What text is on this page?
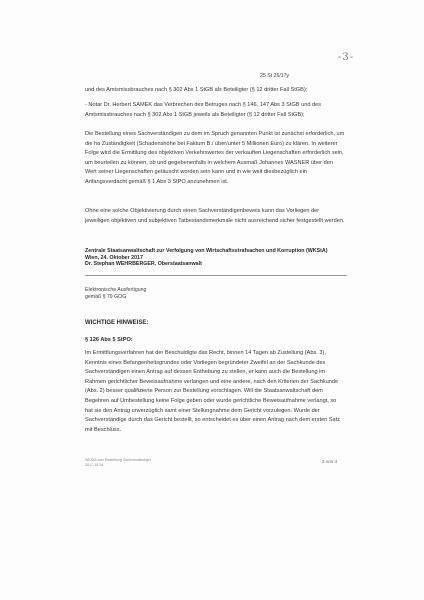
-3-
25 St 26/17y

und des Amtsmissbrauches nach § 302 Abs 1 StGB als Beteiligter (§ 12 dritter Fall StGB);

- Notar Dr. Herbert SAMEK das Verbrechen des Betruges nach § 146, 147 Abs 3 StGB und des Amtsmissbrauches nach § 302 Abs 1 StGB jeweils als Beteiligter (§ 12 dritter Fall StGB);

Die Bestellung eines Sachverständigen zu dem im Spruch genannten Punkt ist zunächst erforderlich, um die ha Zuständigkeit (Schadenshöhe bei Faktum B./ über/unter 5 Millionen Euro) zu klären. In weiterer Folge wird die Ermittlung des objektiven Verkehrswertes der verkauften Liegenschaften erforderlich sein, um beurteilen zu können, ob und gegebenenfalls in welchem Ausmaß Johannes WASNER über den Wert seiner Liegenschaften getäuscht worden sein kann und in wie weit diesbezüglich ein Anfangsverdacht gemäß § 1 Abs 3 StPO anzunehmen ist.

Ohne eine solche Objektivierung durch einen Sachverständigenbeweis kann das Vorliegen der jeweiligen objektiven und subjektiven Tatbestandsmerkmale nicht ausreichend sicher festgestellt werden.

Zentrale Staatsanwaltschaft zur Verfolgung von Wirtschaftsstrafsachen und Korruption (WKStA)
Wien, 24. Oktober 2017
Dr. Stephan WEHRBERGER, Oberstaatsanwalt
Elektronische Ausfertigung
gemäß § 79 GOG
WICHTIGE HINWEISE:
§ 126 Abs 5 StPO:

Im Ermittlungsverfahren hat der Beschuldigte das Recht, binnen 14 Tagen ab Zustellung (Abs. 3), Kenntnis eines Befangenheitsgrundes oder Vorliegen begründeter Zweifel an der Sachkunde des Sachverständigen einen Antrag auf dessen Enthebung zu stellen, er kann auch die Bestellung im Rahmen gerichtlicher Beweisaufnahme verlangen und eine andere, nach den Kriterien der Sachkunde (Abs. 2) besser qualifizierte Person zur Bestellung vorschlagen. Will die Staatsanwaltschaft dem Begehren auf Umbestellung keine Folge geben oder wurde gerichtliche Beweisaufnahme verlangt, so hat sie den Antrag unverzüglich samt einer Stellungnahme dem Gericht vorzulegen. Wurde der Sachverständige durch das Gericht bestellt, so entscheidet es über einen Antrag nach dem ersten Satz mit Beschluss.

WKStA vom Bestellung Sachverständiger
2017-10-24
3 von 4
